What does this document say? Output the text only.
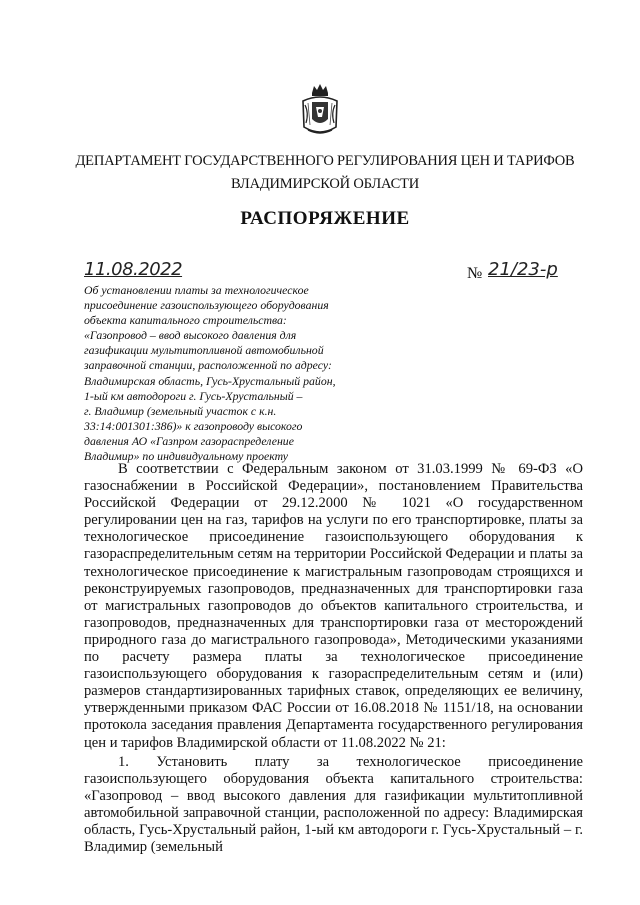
ДЕПАРТАМЕНТ ГОСУДАРСТВЕННОГО РЕГУЛИРОВАНИЯ ЦЕН И ТАРИФОВ
ВЛАДИМИРСКОЙ ОБЛАСТИ
РАСПОРЯЖЕНИЕ
11.08.2022	№ 21/23-р
Об установлении платы за технологическое
присоединение газоиспользующего оборудования
объекта капитального строительства:
«Газопровод – ввод высокого давления для
газификации мультитопливной автомобильной
заправочной станции, расположенной по адресу:
Владимирская область, Гусь-Хрустальный район,
1-ый км автодороги г. Гусь-Хрустальный –
г. Владимир (земельный участок с к.н.
33:14:001301:386)» к газопроводу высокого
давления АО «Газпром газораспределение
Владимир» по индивидуальному проекту
В соответствии с Федеральным законом от 31.03.1999 № 69-ФЗ «О газоснабжении в Российской Федерации», постановлением Правительства Российской Федерации от 29.12.2000 № 1021 «О государственном регулировании цен на газ, тарифов на услуги по его транспортировке, платы за технологическое присоединение газоиспользующего оборудования к газораспределительным сетям на территории Российской Федерации и платы за технологическое присоединение к магистральным газопроводам строящихся и реконструируемых газопроводов, предназначенных для транспортировки газа от магистральных газопроводов до объектов капитального строительства, и газопроводов, предназначенных для транспортировки газа от месторождений природного газа до магистрального газопровода», Методическими указаниями по расчету размера платы за технологическое присоединение газоиспользующего оборудования к газораспределительным сетям и (или) размеров стандартизированных тарифных ставок, определяющих ее величину, утвержденными приказом ФАС России от 16.08.2018 № 1151/18, на основании протокола заседания правления Департамента государственного регулирования цен и тарифов Владимирской области от 11.08.2022 № 21:
1. Установить плату за технологическое присоединение газоиспользующего оборудования объекта капитального строительства: «Газопровод – ввод высокого давления для газификации мультитопливной автомобильной заправочной станции, расположенной по адресу: Владимирская область, Гусь-Хрустальный район, 1-ый км автодороги г. Гусь-Хрустальный – г. Владимир (земельный
